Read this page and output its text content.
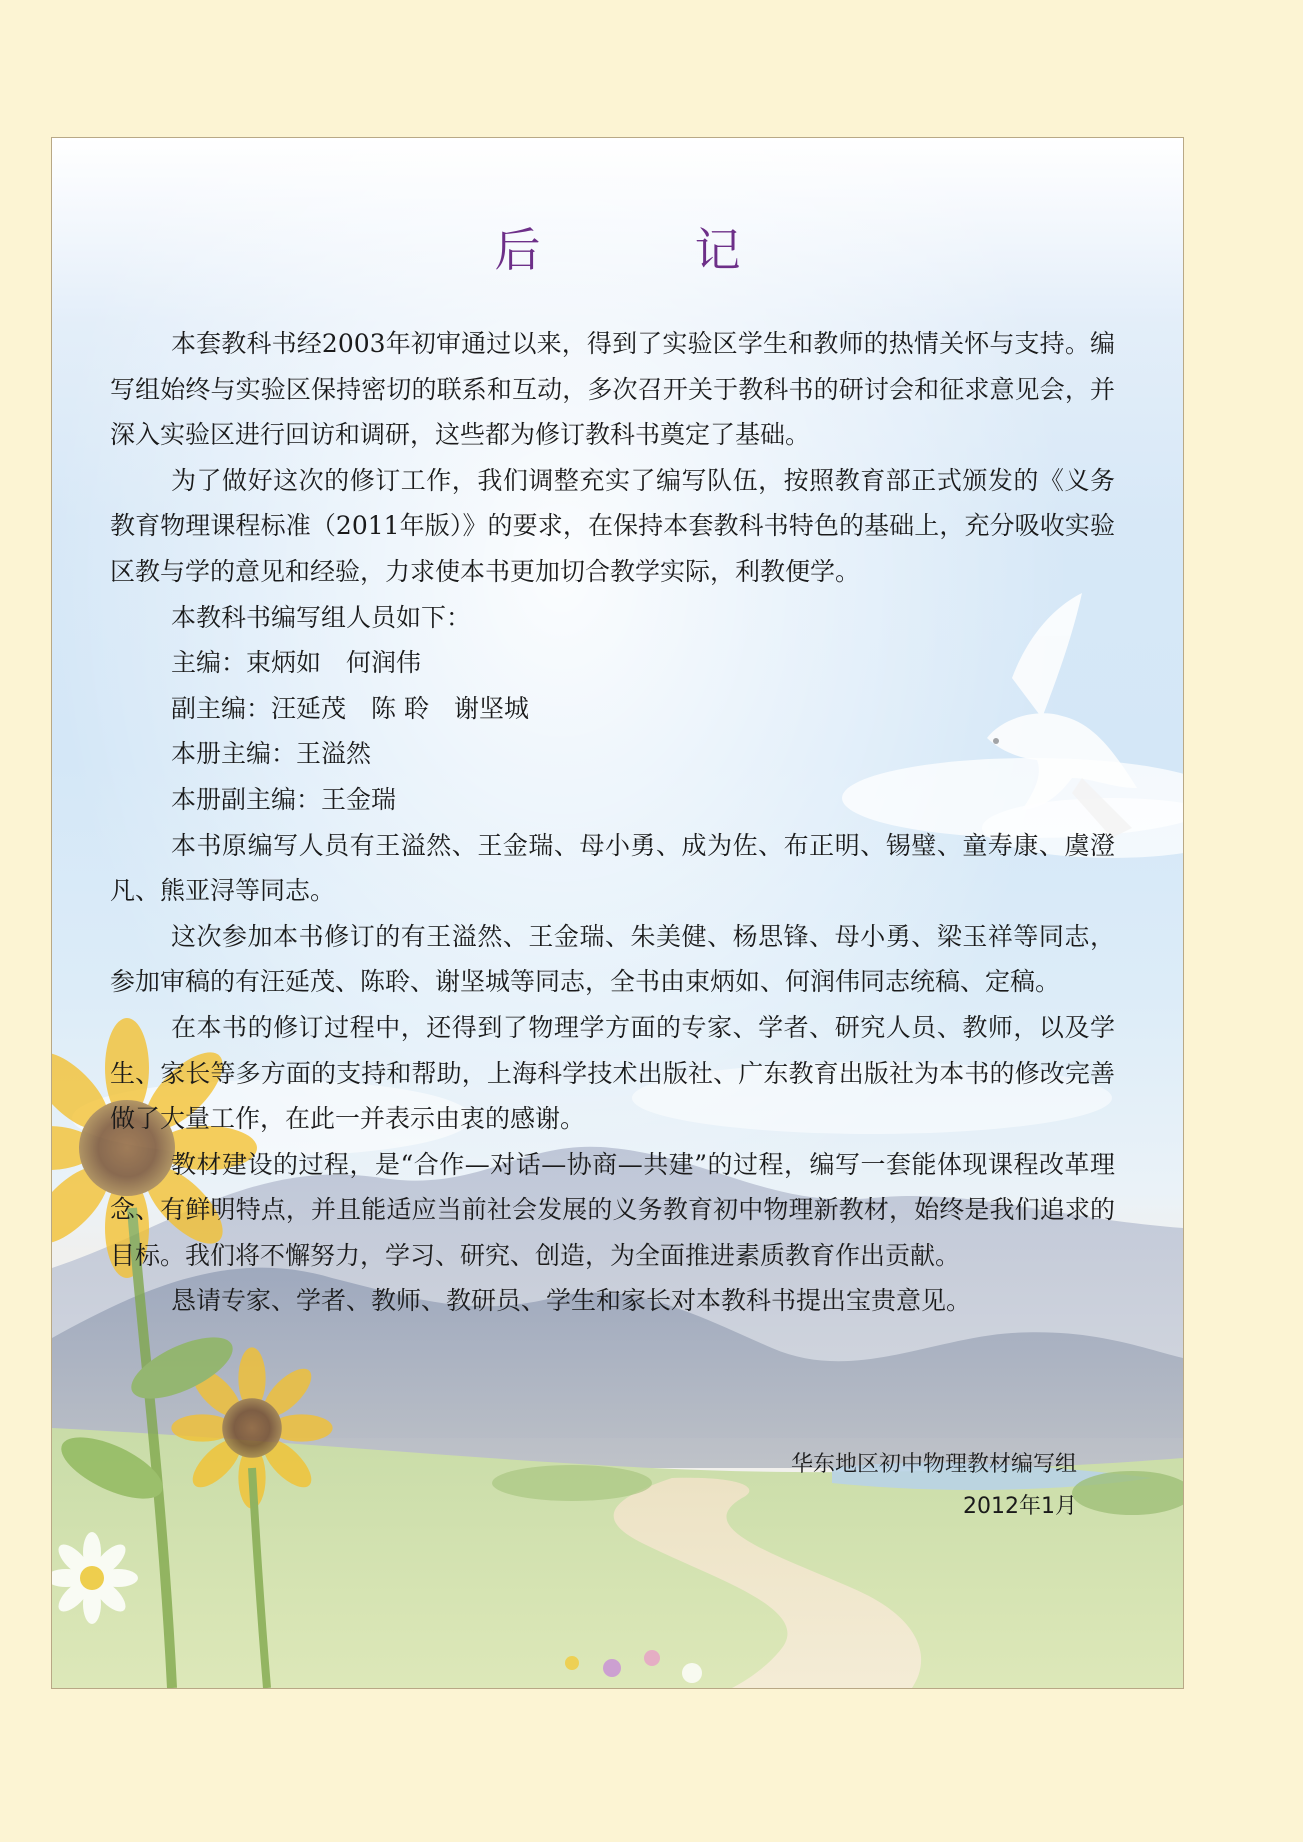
后　记

本套教科书经2003年初审通过以来，得到了实验区学生和教师的热情关怀与支持。编写组始终与实验区保持密切的联系和互动，多次召开关于教科书的研讨会和征求意见会，并深入实验区进行回访和调研，这些都为修订教科书奠定了基础。

为了做好这次的修订工作，我们调整充实了编写队伍，按照教育部正式颁发的《义务教育物理课程标准（2011年版）》的要求，在保持本套教科书特色的基础上，充分吸收实验区教与学的意见和经验，力求使本书更加切合教学实际，利教便学。

本教科书编写组人员如下：

主编：束炳如　何润伟

副主编：汪延茂　陈 聆　谢坚城

本册主编：王溢然

本册副主编：王金瑞

本书原编写人员有王溢然、王金瑞、母小勇、成为佐、布正明、锡璧、童寿康、虞澄凡、熊亚浔等同志。

这次参加本书修订的有王溢然、王金瑞、朱美健、杨思锋、母小勇、梁玉祥等同志，参加审稿的有汪延茂、陈聆、谢坚城等同志，全书由束炳如、何润伟同志统稿、定稿。

在本书的修订过程中，还得到了物理学方面的专家、学者、研究人员、教师，以及学生、家长等多方面的支持和帮助，上海科学技术出版社、广东教育出版社为本书的修改完善做了大量工作，在此一并表示由衷的感谢。

教材建设的过程，是“合作—对话—协商—共建”的过程，编写一套能体现课程改革理念、有鲜明特点，并且能适应当前社会发展的义务教育初中物理新教材，始终是我们追求的目标。我们将不懈努力，学习、研究、创造，为全面推进素质教育作出贡献。

恳请专家、学者、教师、教研员、学生和家长对本教科书提出宝贵意见。

华东地区初中物理教材编写组
2012年1月
